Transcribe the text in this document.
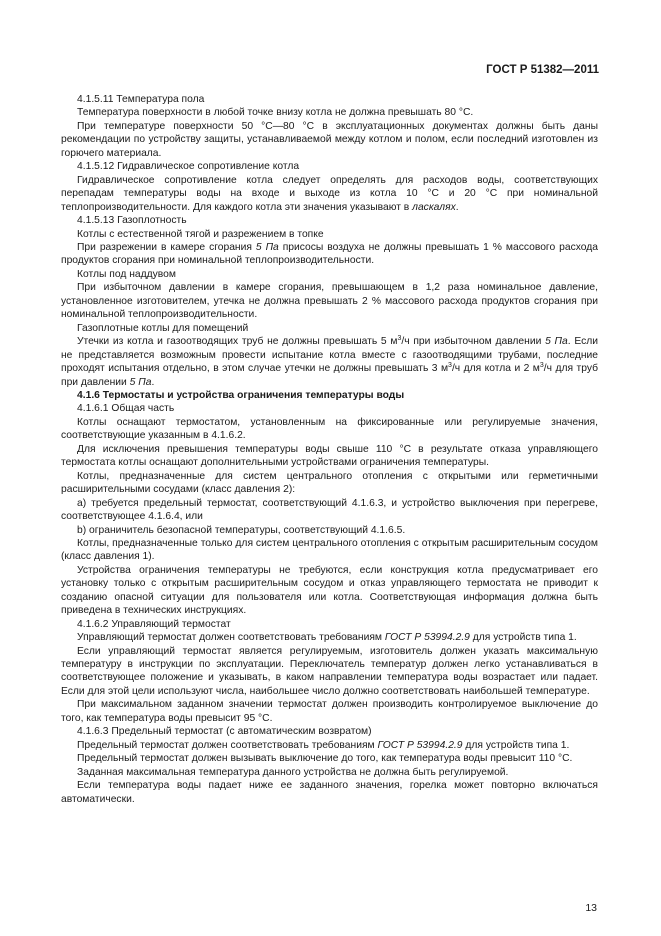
ГОСТ Р 51382—2011

4.1.5.11 Температура пола

Температура поверхности в любой точке внизу котла не должна превышать 80 °С.

При температуре поверхности 50 °С—80 °С в эксплуатационных документах должны быть даны рекомендации по устройству защиты, устанавливаемой между котлом и полом, если последний изготовлен из горючего материала.

4.1.5.12 Гидравлическое сопротивление котла

Гидравлическое сопротивление котла следует определять для расходов воды, соответствующих перепадам температуры воды на входе и выходе из котла 10 °С и 20 °С при номинальной теплопроизводительности. Для каждого котла эти значения указывают в ласкалях.

4.1.5.13 Газоплотность

Котлы с естественной тягой и разрежением в топке

При разрежении в камере сгорания 5 Па присосы воздуха не должны превышать 1 % массового расхода продуктов сгорания при номинальной теплопроизводительности.

Котлы под наддувом

При избыточном давлении в камере сгорания, превышающем в 1,2 раза номинальное давление, установленное изготовителем, утечка не должна превышать 2 % массового расхода продуктов сгорания при номинальной теплопроизводительности.

Газоплотные котлы для помещений

Утечки из котла и газоотводящих труб не должны превышать 5 $м^3/ч$ при избыточном давлении 5 Па. Если не представляется возможным провести испытание котла вместе с газоотводящими трубами, последние проходят испытания отдельно, в этом случае утечки не должны превышать 3 $м^3/ч$ для котла и 2 $м^3/ч$ для труб при давлении 5 Па.

4.1.6 Термостаты и устройства ограничения температуры воды

4.1.6.1 Общая часть

Котлы оснащают термостатом, установленным на фиксированные или регулируемые значения, соответствующие указанным в 4.1.6.2.

Для исключения превышения температуры воды свыше 110 °С в результате отказа управляющего термостата котлы оснащают дополнительными устройствами ограничения температуры.

Котлы, предназначенные для систем центрального отопления с открытыми или герметичными расширительными сосудами (класс давления 2):

a) требуется предельный термостат, соответствующий 4.1.6.3, и устройство выключения при перегреве, соответствующее 4.1.6.4, или

b) ограничитель безопасной температуры, соответствующий 4.1.6.5.

Котлы, предназначенные только для систем центрального отопления с открытым расширительным сосудом (класс давления 1).

Устройства ограничения температуры не требуются, если конструкция котла предусматривает его установку только с открытым расширительным сосудом и отказ управляющего термостата не приводит к созданию опасной ситуации для пользователя или котла. Соответствующая информация должна быть приведена в технических инструкциях.

4.1.6.2 Управляющий термостат

Управляющий термостат должен соответствовать требованиям ГОСТ Р 53994.2.9 для устройств типа 1.

Если управляющий термостат является регулируемым, изготовитель должен указать максимальную температуру в инструкции по эксплуатации. Переключатель температур должен легко устанавливаться в соответствующее положение и указывать, в каком направлении температура воды возрастает или падает. Если для этой цели используют числа, наибольшее число должно соответствовать наибольшей температуре.

При максимальном заданном значении термостат должен производить контролируемое выключение до того, как температура воды превысит 95 °С.

4.1.6.3 Предельный термостат (с автоматическим возвратом)

Предельный термостат должен соответствовать требованиям ГОСТ Р 53994.2.9 для устройств типа 1.

Предельный термостат должен вызывать выключение до того, как температура воды превысит 110 °С.

Заданная максимальная температура данного устройства не должна быть регулируемой.

Если температура воды падает ниже ее заданного значения, горелка может повторно включаться автоматически.

13
